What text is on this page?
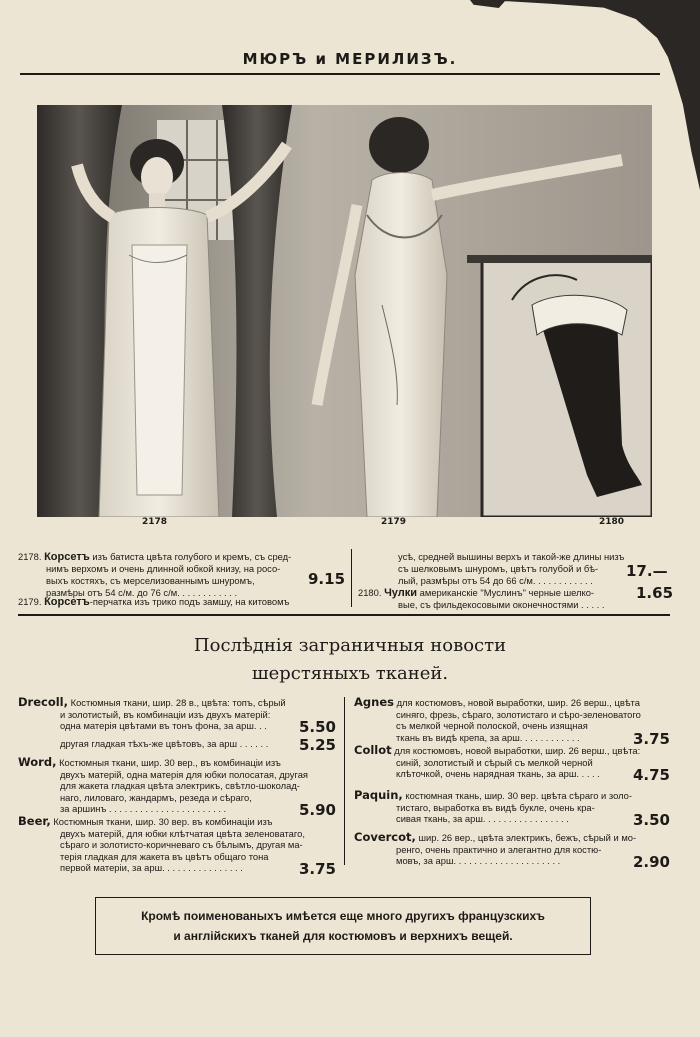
МЮРЪ и МЕРИЛИЗЪ.
2178	2179	2180
2178. Корсетъ изъ батиста цвѣта голубого и кремъ, съ сред-
нимъ верхомъ и очень длинной юбкой книзу, на росо-
выхъ костяхъ, съ мерселизованнымъ шнуромъ,
размѣры отъ 54 с/м. до 76 с/м. . . . . . . . . . . .
9.15
2179. Корсетъ-перчатка изъ трико подъ замшу, на китовомъ
усѣ, средней вышины верхъ и такой-же длины низъ
съ шелковымъ шнуромъ, цвѣтъ голубой и бѣ-
лый, размѣры отъ 54 до 66 с/м. . . . . . . . . . . .
17.—
2180. Чулки американскіе "Муслинъ" черные шелко-
вые, съ фильдекосовыми оконечностями . . . . .
1.65
Послѣднія заграничныя новости
шерстяныхъ тканей.
Drecoll, Костюмныя ткани, шир. 28 в., цвѣта: топъ, сѣрый
и золотистый, въ комбинаціи изъ двухъ матерій:
одна матерія цвѣтами въ тонъ фона, за арш. . .	5.50
другая гладкая тѣхъ-же цвѣтовъ, за арш . . . . . .	5.25
Word, Костюмныя ткани, шир. 30 вер., въ комбинаціи изъ
двухъ матерій, одна матерія для юбки полосатая, другая
для жакета гладкая цвѣта электрикъ, свѣтло-шоколад-
наго, лиловаго, жандармъ, резеда и сѣраго,
за аршинъ . . . . . . . . . . . . . . . . . . . . . . .	5.90
Beer, Костюмныя ткани, шир. 30 вер. въ комбинаціи изъ
двухъ матерій, для юбки клѣтчатая цвѣта зеленоватаго,
сѣраго и золотисто-коричневаго съ бѣлымъ, другая ма-
терія гладкая для жакета въ цвѣтъ общаго тона
первой матеріи, за арш. . . . . . . . . . . . . . . .	3.75
Agnes для костюмовъ, новой выработки, шир. 26 верш., цвѣта
синяго, фрезь, сѣраго, золотистаго и сѣро-зеленоватого
съ мелкой черной полоской, очень изящная
ткань въ видѣ крепа, за арш. . . . . . . . . . . .	3.75
Collot для костюмовъ, новой выработки, шир. 26 верш., цвѣта:
синій, золотистый и сѣрый съ мелкой черной
клѣточкой, очень нарядная ткань, за арш. . . . .	4.75
Paquin, костюмная ткань, шир. 30 вер. цвѣта сѣраго и золо-
тистаго, выработка въ видѣ букле, очень кра-
сивая ткань, за арш. . . . . . . . . . . . . . . . .	3.50
Covercot, шир. 26 вер., цвѣта электрикъ, бежъ, сѣрый и мо-
ренго, очень практично и элегантно для костю-
мовъ, за арш. . . . . . . . . . . . . . . . . . . . .	2.90
Кромѣ поименованыхъ имѣется еще много другихъ французскихъ
и англійскихъ тканей для костюмовъ и верхнихъ вещей.
